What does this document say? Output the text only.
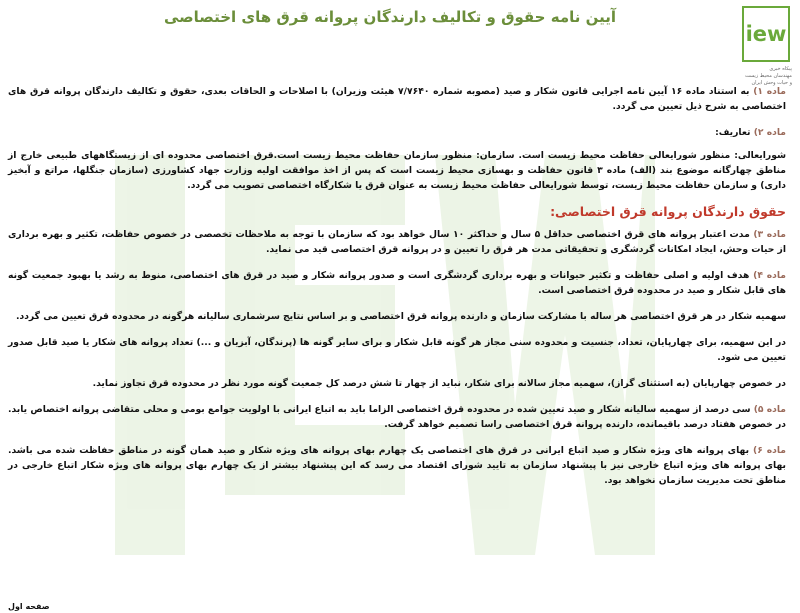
iew
پیکاه خبری
مهندسان محیط زیست
و حیات وحش ایران
آیین نامه حقوق و تکالیف دارندگان پروانه قرق های اختصاصی

ماده ۱) به استناد ماده ۱۶ آیین نامه اجرایی قانون شکار و صید (مصوبه شماره ۷/۷۶۴۰ هیئت وزیران) با اصلاحات و الحاقات بعدی، حقوق و تکالیف دارندگان پروانه قرق های اختصاصی به شرح ذیل تعیین می گردد.

ماده ۲) تعاریف:

شورایعالی: منظور شورایعالی حفاظت محیط زیست است. سازمان: منظور سازمان حفاظت محیط زیست است.قرق اختصاصی محدوده ای از زیستگاههای طبیعی خارج از مناطق چهارگانه موضوع بند (الف) ماده ۳ قانون حفاظت و بهسازی محیط زیست است که پس از اخذ موافقت اولیه وزارت جهاد کشاورزی (سازمان جنگلها، مراتع و آبخیز داری) و سازمان حفاظت محیط زیست، توسط شورایعالی حفاظت محیط زیست به عنوان قرق یا شکارگاه اختصاصی تصویب می گردد.

حقوق دارندگان پروانه قرق اختصاصی:

ماده ۳) مدت اعتبار پروانه های قرق اختصاصی حداقل ۵ سال و حداکثر ۱۰ سال خواهد بود که سازمان با توجه به ملاحظات تخصصی در خصوص حفاظت، تکثیر و بهره برداری از حیات وحش، ایجاد امکانات گردشگری و تحقیقاتی مدت هر قرق را تعیین و در پروانه قرق اختصاصی قید می نماید.

ماده ۴) هدف اولیه و اصلی حفاظت و تکثیر حیوانات و بهره برداری گردشگری است و صدور پروانه شکار و صید در قرق های اختصاصی، منوط به رشد یا بهبود جمعیت گونه های قابل شکار و صید در محدوده قرق اختصاصی است.

سهمیه شکار در هر قرق اختصاصی هر ساله با مشارکت سازمان و دارنده پروانه قرق اختصاصی و بر اساس نتایج سرشماری سالیانه هرگونه در محدوده قرق تعیین می گردد.

در این سهمیه، برای چهارپایان، تعداد، جنسیت و محدوده سنی مجاز هر گونه قابل شکار و برای سایر گونه ها (پرندگان، آبزیان و ...) تعداد پروانه های شکار یا صید قابل صدور تعیین می شود.

در خصوص چهارپایان (به استثنای گراز)، سهمیه مجاز سالانه برای شکار، نباید از چهار تا شش درصد کل جمعیت گونه مورد نظر در محدوده قرق تجاوز نماید.

ماده ۵) سی درصد از سهمیه سالیانه شکار و صید تعیین شده در محدوده قرق اختصاصی الزاما باید به اتباع ایرانی با اولویت جوامع بومی و محلی متقاضی پروانه اختصاص یابد. در خصوص هفتاد درصد باقیمانده، دارنده پروانه قرق اختصاصی راسا تصمیم خواهد گرفت.

ماده ۶) بهای پروانه های ویژه شکار و صید اتباع ایرانی در قرق های اختصاصی یک چهارم بهای پروانه های ویژه شکار و صید همان گونه در مناطق حفاظت شده می باشد. بهای پروانه های ویژه اتباع خارجی نیز با پیشنهاد سازمان به تایید شورای اقتصاد می رسد که این پیشنهاد بیشتر از یک چهارم بهای پروانه های ویژه شکار اتباع خارجی در مناطق تحت مدیریت سازمان نخواهد بود.

صفحه اول
